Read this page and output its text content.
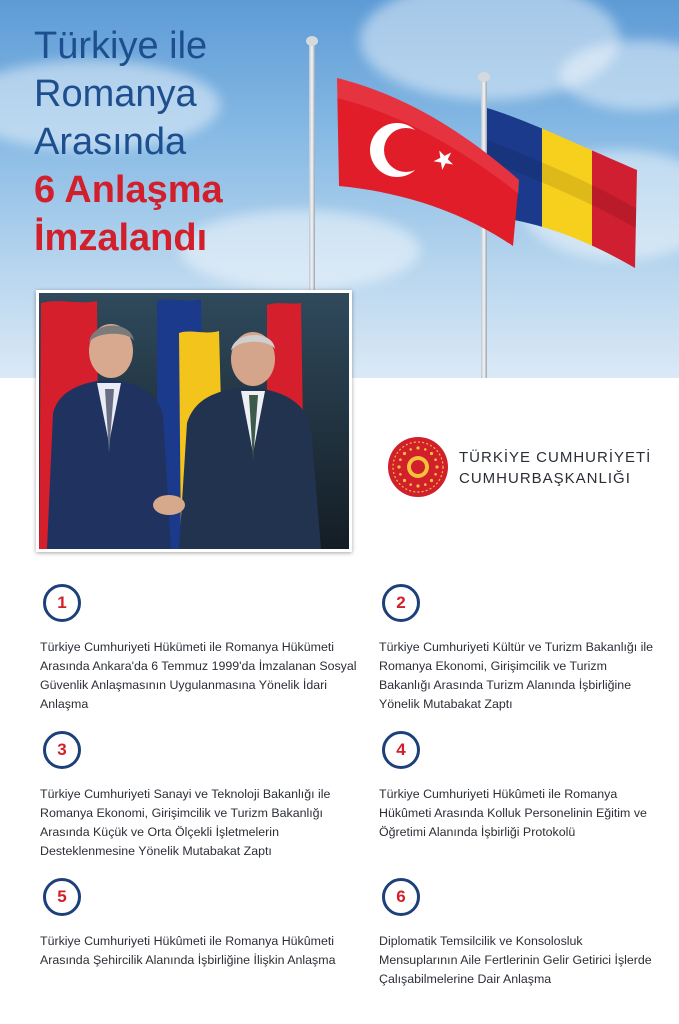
Türkiye ile
Romanya
Arasında
6 Anlaşma
İmzalandı

TÜRKİYE CUMHURİYETİ
CUMHURBAŞKANLIĞI

1
Türkiye Cumhuriyeti Hükümeti ile Romanya Hükümeti Arasında Ankara'da 6 Temmuz 1999'da İmzalanan Sosyal Güvenlik Anlaşmasının Uygulanmasına Yönelik İdari Anlaşma
2
Türkiye Cumhuriyeti Kültür ve Turizm Bakanlığı ile Romanya Ekonomi, Girişimcilik ve Turizm Bakanlığı Arasında Turizm Alanında İşbirliğine Yönelik Mutabakat Zaptı
3
Türkiye Cumhuriyeti Sanayi ve Teknoloji Bakanlığı ile Romanya Ekonomi, Girişimcilik ve Turizm Bakanlığı Arasında Küçük ve Orta Ölçekli İşletmelerin Desteklenmesine Yönelik Mutabakat Zaptı
4
Türkiye Cumhuriyeti Hükûmeti ile Romanya Hükûmeti Arasında Kolluk Personelinin Eğitim ve Öğretimi Alanında İşbirliği Protokolü
5
Türkiye Cumhuriyeti Hükûmeti ile Romanya Hükûmeti Arasında Şehircilik Alanında İşbirliğine İlişkin Anlaşma
6
Diplomatik Temsilcilik ve Konsolosluk Mensuplarının Aile Fertlerinin Gelir Getirici İşlerde Çalışabilmelerine Dair Anlaşma
